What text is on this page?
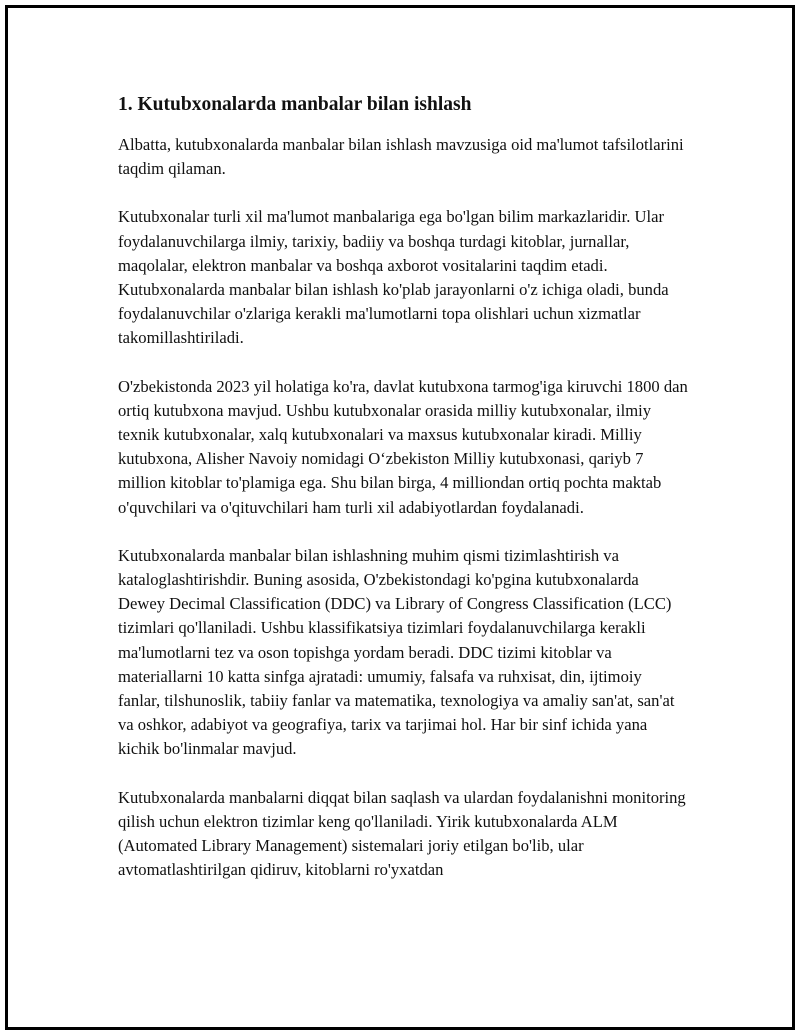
1. Kutubxonalarda manbalar bilan ishlash

Albatta, kutubxonalarda manbalar bilan ishlash mavzusiga oid ma'lumot tafsilotlarini taqdim qilaman.

Kutubxonalar turli xil ma'lumot manbalariga ega bo'lgan bilim markazlaridir. Ular foydalanuvchilarga ilmiy, tarixiy, badiiy va boshqa turdagi kitoblar, jurnallar, maqolalar, elektron manbalar va boshqa axborot vositalarini taqdim etadi. Kutubxonalarda manbalar bilan ishlash ko'plab jarayonlarni o'z ichiga oladi, bunda foydalanuvchilar o'zlariga kerakli ma'lumotlarni topa olishlari uchun xizmatlar takomillashtiriladi.

O'zbekistonda 2023 yil holatiga ko'ra, davlat kutubxona tarmog'iga kiruvchi 1800 dan ortiq kutubxona mavjud. Ushbu kutubxonalar orasida milliy kutubxonalar, ilmiy texnik kutubxonalar, xalq kutubxonalari va maxsus kutubxonalar kiradi. Milliy kutubxona, Alisher Navoiy nomidagi O‘zbekiston Milliy kutubxonasi, qariyb 7 million kitoblar to'plamiga ega. Shu bilan birga, 4 milliondan ortiq pochta maktab o'quvchilari va o'qituvchilari ham turli xil adabiyotlardan foydalanadi.

Kutubxonalarda manbalar bilan ishlashning muhim qismi tizimlashtirish va kataloglashtirishdir. Buning asosida, O'zbekistondagi ko'pgina kutubxonalarda Dewey Decimal Classification (DDC) va Library of Congress Classification (LCC) tizimlari qo'llaniladi. Ushbu klassifikatsiya tizimlari foydalanuvchilarga kerakli ma'lumotlarni tez va oson topishga yordam beradi. DDC tizimi kitoblar va materiallarni 10 katta sinfga ajratadi: umumiy, falsafa va ruhxisat, din, ijtimoiy fanlar, tilshunoslik, tabiiy fanlar va matematika, texnologiya va amaliy san'at, san'at va oshkor, adabiyot va geografiya, tarix va tarjimai hol. Har bir sinf ichida yana kichik bo'linmalar mavjud.

Kutubxonalarda manbalarni diqqat bilan saqlash va ulardan foydalanishni monitoring qilish uchun elektron tizimlar keng qo'llaniladi. Yirik kutubxonalarda ALM (Automated Library Management) sistemalari joriy etilgan bo'lib, ular avtomatlashtirilgan qidiruv, kitoblarni ro'yxatdan
